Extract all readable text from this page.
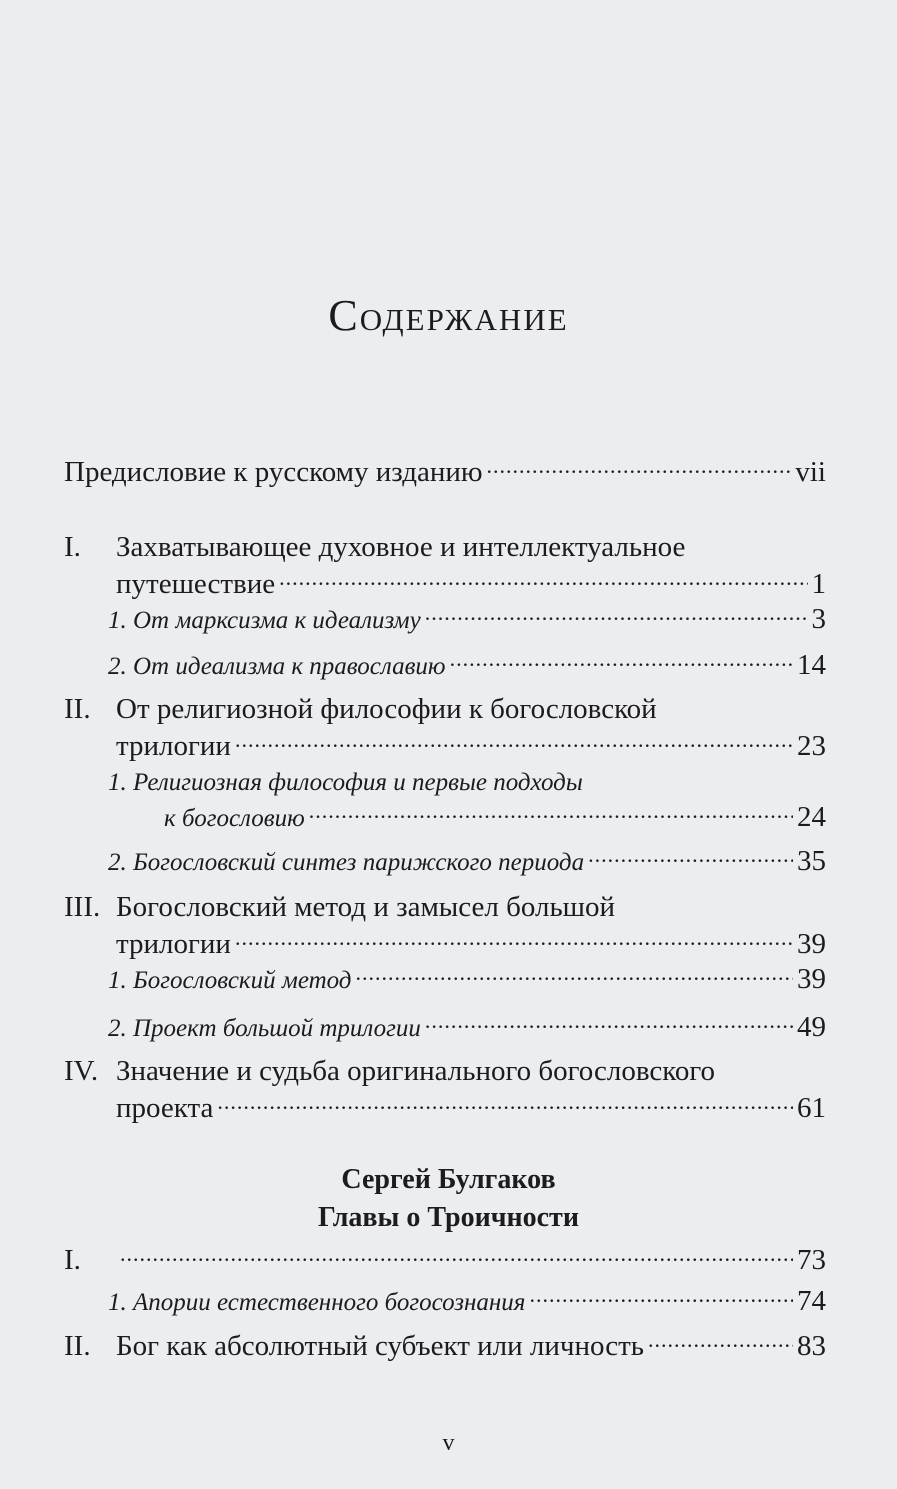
Содержание
Предисловие к русскому изданию .....	vii
I.	Захватывающее духовное и интеллектуальное
путешествие .....	1
1. От марксизма к идеализму .....	3
2. От идеализма к православию .....	14
II. От религиозной философии к богословской
трилогии .....	23
1. Религиозная философия и первые подходы
к богословию .....	24
2. Богословский синтез парижского периода .....	35
III. Богословский метод и замысел большой
трилогии .....	39
1. Богословский метод .....	39
2. Проект большой трилогии .....	49
IV. Значение и судьба оригинального богословского
проекта .....	61
Сергей Булгаков
Главы о Троичности
I. .....	73
1. Апории естественного богосознания .....	74
II. Бог как абсолютный субъект или личность .....	83
v
